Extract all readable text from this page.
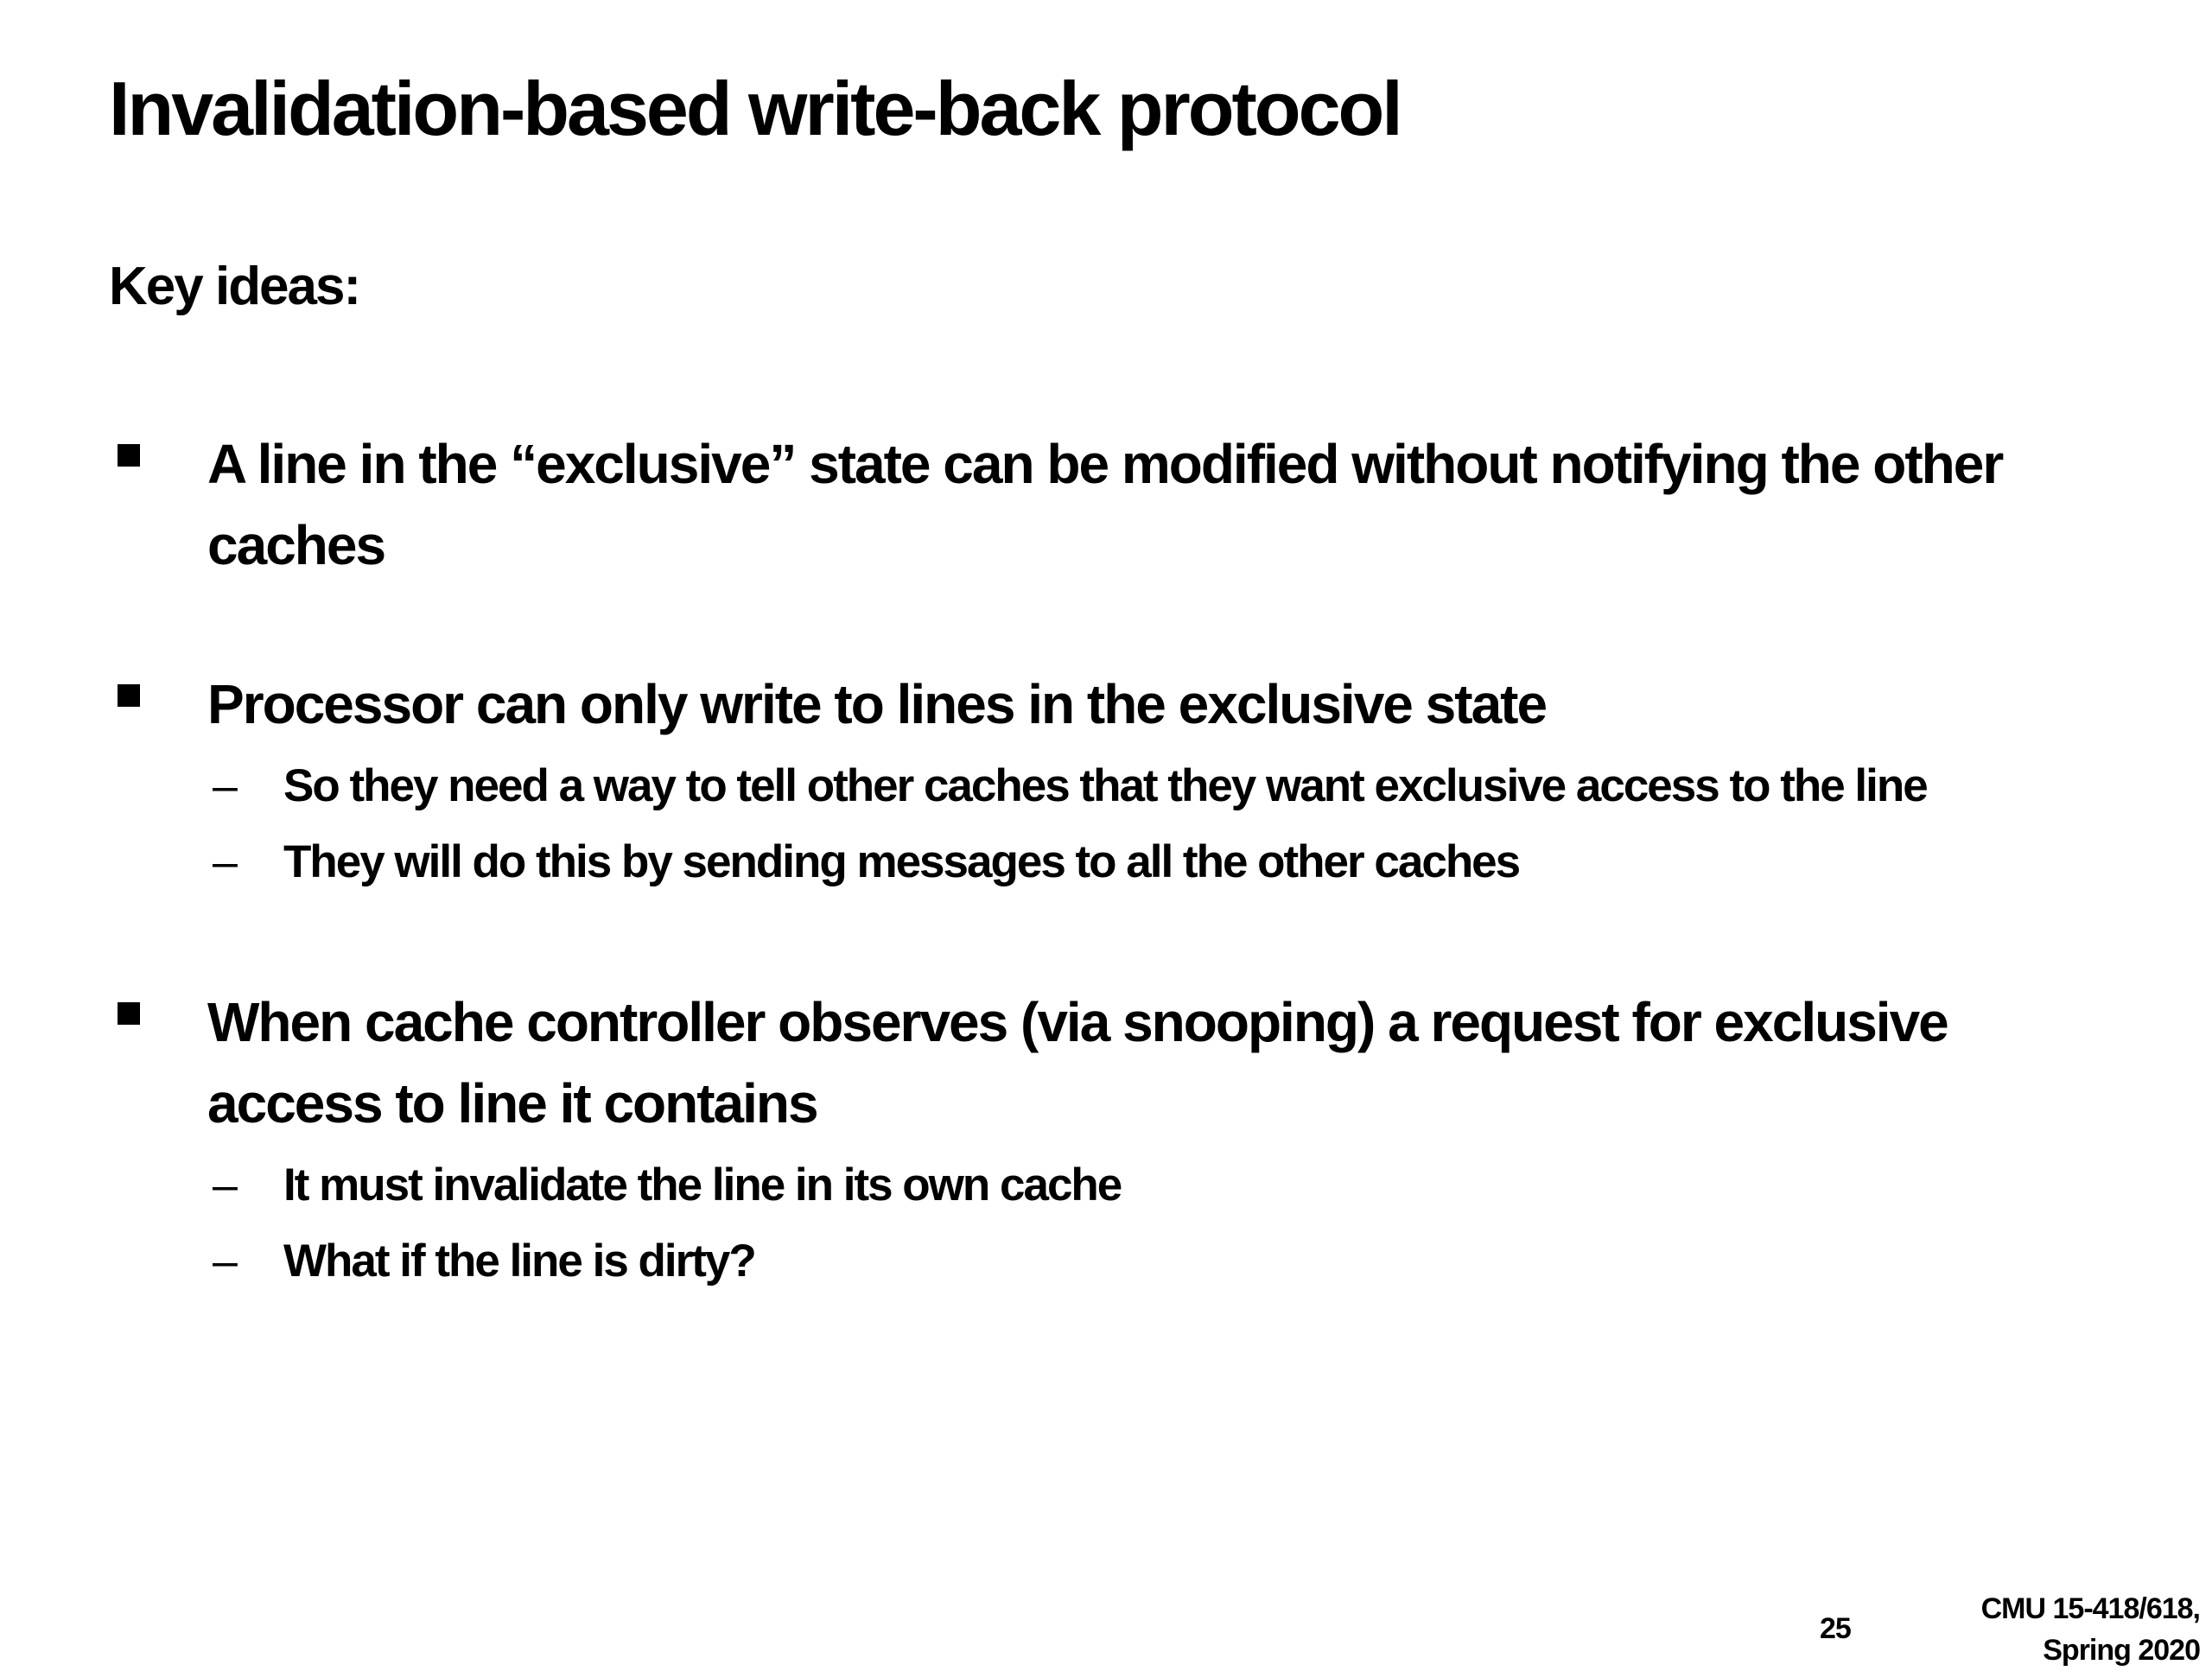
Invalidation-based write-back protocol
Key ideas:
A line in the “exclusive” state can be modified without notifying the other caches
Processor can only write to lines in the exclusive state
– So they need a way to tell other caches that they want exclusive access to the line
– They will do this by sending messages to all the other caches
When cache controller observes (via snooping) a request for exclusive access to line it contains
– It must invalidate the line in its own cache
– What if the line is dirty?
25
CMU 15-418/618,
Spring 2020
